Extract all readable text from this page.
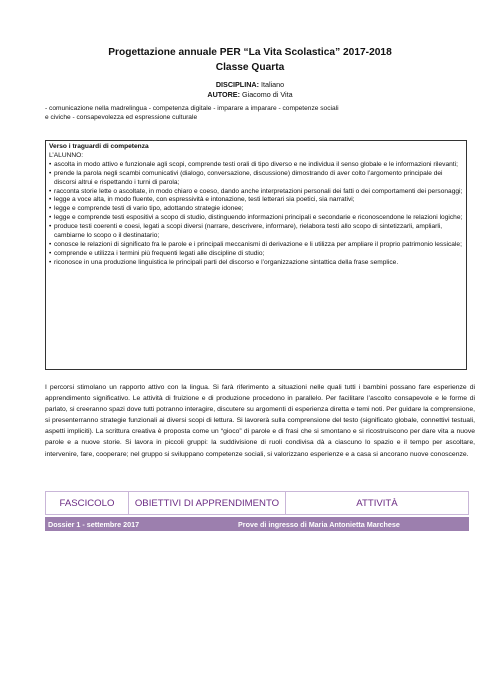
Progettazione annuale PER “La Vita Scolastica” 2017-2018
Classe Quarta
DISCIPLINA: Italiano
AUTORE: Giacomo di Vita
- comunicazione nella madrelingua - competenza digitale - imparare a imparare - competenze sociali
e civiche - consapevolezza ed espressione culturale
Verso i traguardi di competenza
L’ALUNNO:
• ascolta in modo attivo e funzionale agli scopi, comprende testi orali di tipo diverso e ne individua il senso globale e le informazioni rilevanti;
• prende la parola negli scambi comunicativi (dialogo, conversazione, discussione) dimostrando di aver colto l’argomento principale dei discorsi altrui e rispettando i turni di parola;
• racconta storie lette o ascoltate, in modo chiaro e coeso, dando anche interpretazioni personali dei fatti o dei comportamenti dei personaggi;
• legge a voce alta, in modo fluente, con espressività e intonazione, testi letterari sia poetici, sia narrativi;
• legge e comprende testi di vario tipo, adottando strategie idonee;
• legge e comprende testi espositivi a scopo di studio, distinguendo informazioni principali e secondarie e riconoscendone le relazioni logiche;
• produce testi coerenti e coesi, legati a scopi diversi (narrare, descrivere, informare), rielabora testi allo scopo di sintetizzarli, ampliarli, cambiarne lo scopo o il destinatario;
• conosce le relazioni di significato fra le parole e i principali meccanismi di derivazione e li utilizza per ampliare il proprio patrimonio lessicale;
• comprende e utilizza i termini più frequenti legati alle discipline di studio;
• riconosce in una produzione linguistica le principali parti del discorso e l’organizzazione sintattica della frase semplice.
I percorsi stimolano un rapporto attivo con la lingua. Si farà riferimento a situazioni nelle quali tutti i bambini possano fare esperienze di apprendimento significativo. Le attività di fruizione e di produzione procedono in parallelo. Per facilitare l’ascolto consapevole e le forme di parlato, si creeranno spazi dove tutti potranno interagire, discutere su argomenti di esperienza diretta e temi noti. Per guidare la comprensione, si presenterranno strategie funzionali ai diversi scopi di lettura. Si lavorerà sulla comprensione del testo (significato globale, connettivi testuali, aspetti impliciti). La scrittura creativa è proposta come un “gioco” di parole e di frasi che si smontano e si ricostruiscono per dare vita a nuove parole e a nuove storie. Si lavora in piccoli gruppi: la suddivisione di ruoli condivisa dà a ciascuno lo spazio e il tempo per ascoltare, intervenire, fare, cooperare; nel gruppo si sviluppano competenze sociali, si valorizzano esperienze e a casa si ancorano nuove conoscenze.
FASCICOLO	OBIETTIVI DI APPRENDIMENTO	ATTIVITÀ
Dossier 1 - settembre 2017	Prove di ingresso di Maria Antonietta Marchese
